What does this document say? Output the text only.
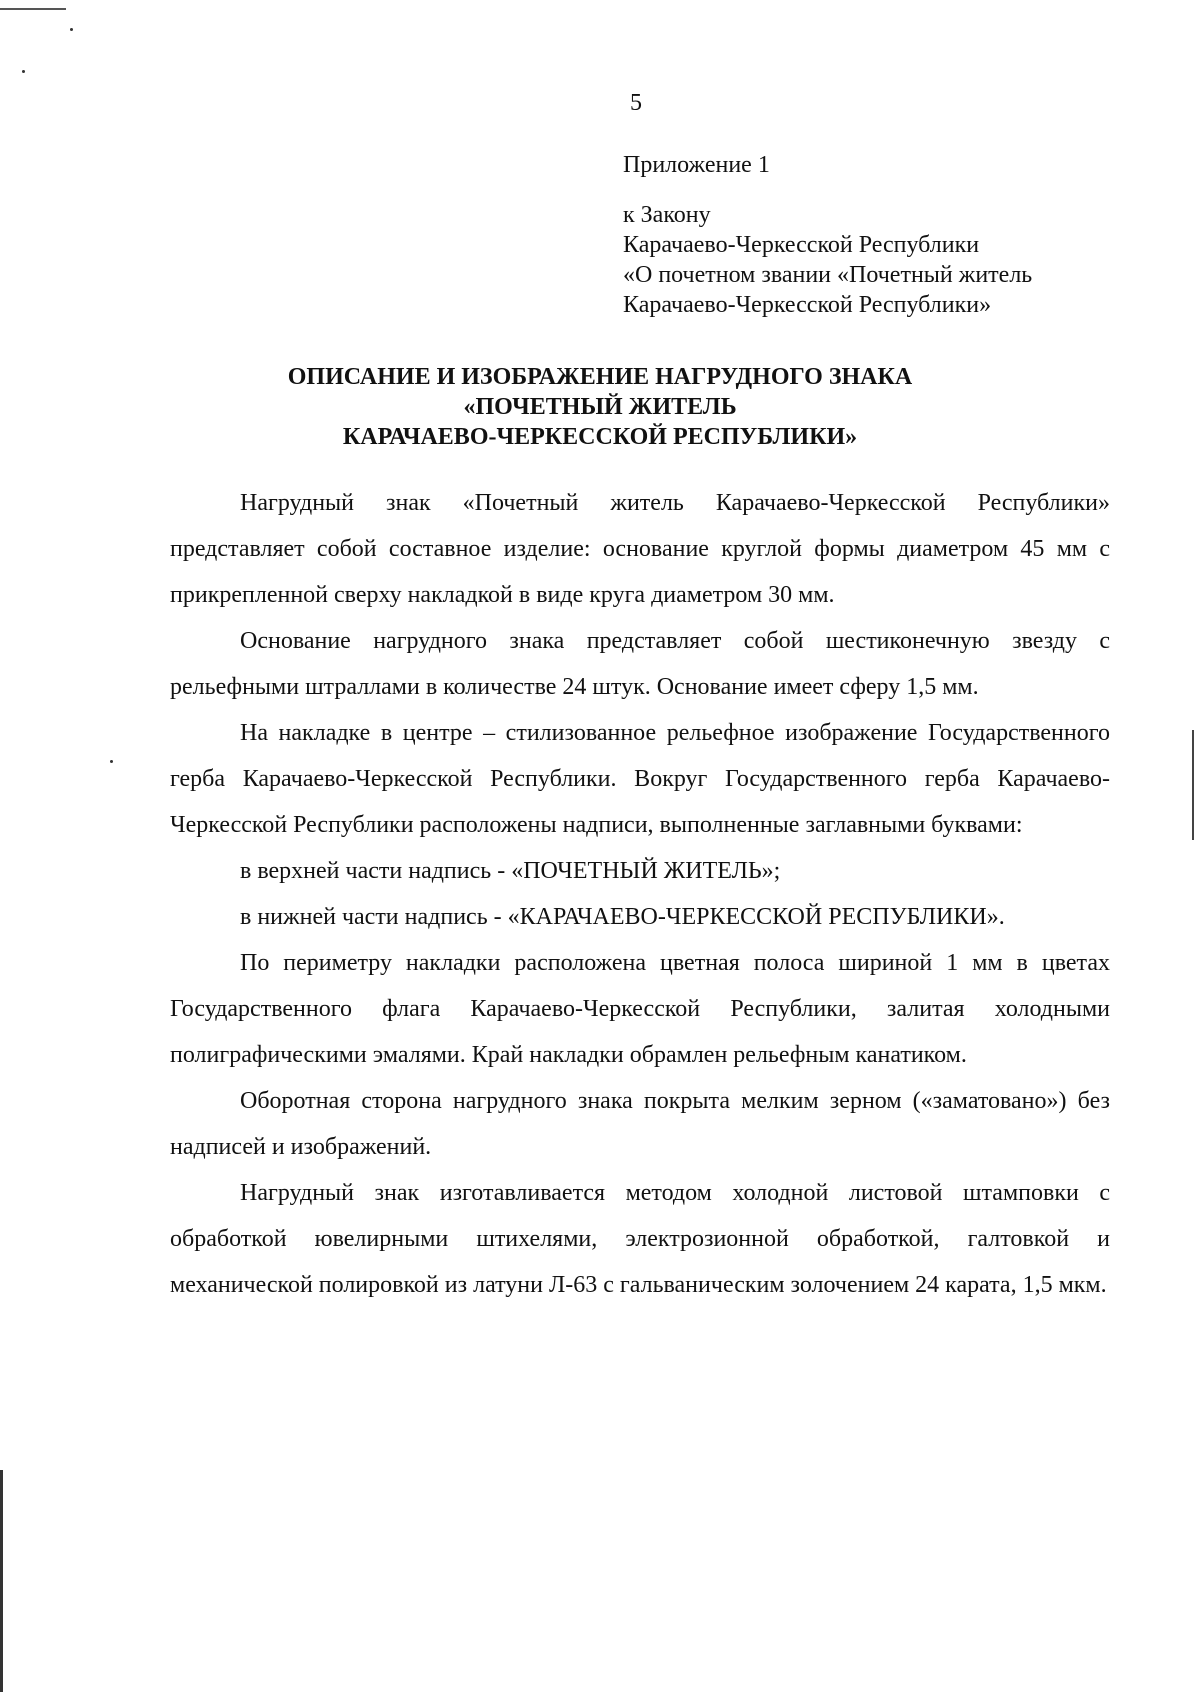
5
Приложение 1
к Закону
Карачаево-Черкесской Республики
«О почетном звании «Почетный житель
Карачаево-Черкесской Республики»
ОПИСАНИЕ И ИЗОБРАЖЕНИЕ НАГРУДНОГО ЗНАКА
«ПОЧЕТНЫЙ ЖИТЕЛЬ
КАРАЧАЕВО-ЧЕРКЕССКОЙ РЕСПУБЛИКИ»

Нагрудный знак «Почетный житель Карачаево-Черкесской Республики» представляет собой составное изделие: основание круглой формы диаметром 45 мм с прикрепленной сверху накладкой в виде круга диаметром 30 мм.

Основание нагрудного знака представляет собой шестиконечную звезду с рельефными штраллами в количестве 24 штук. Основание имеет сферу 1,5 мм.

На накладке в центре – стилизованное рельефное изображение Государственного герба Карачаево-Черкесской Республики. Вокруг Государственного герба Карачаево-Черкесской Республики расположены надписи, выполненные заглавными буквами:

в верхней части надпись - «ПОЧЕТНЫЙ ЖИТЕЛЬ»;

в нижней части надпись - «КАРАЧАЕВО-ЧЕРКЕССКОЙ РЕСПУБЛИКИ».

По периметру накладки расположена цветная полоса шириной 1 мм в цветах Государственного флага Карачаево-Черкесской Республики, залитая холодными полиграфическими эмалями. Край накладки обрамлен рельефным канатиком.

Оборотная сторона нагрудного знака покрыта мелким зерном («заматовано») без надписей и изображений.

Нагрудный знак изготавливается методом холодной листовой штамповки с обработкой ювелирными штихелями, электрозионной обработкой, галтовкой и механической полировкой из латуни Л-63 с гальваническим золочением 24 карата, 1,5 мкм.
